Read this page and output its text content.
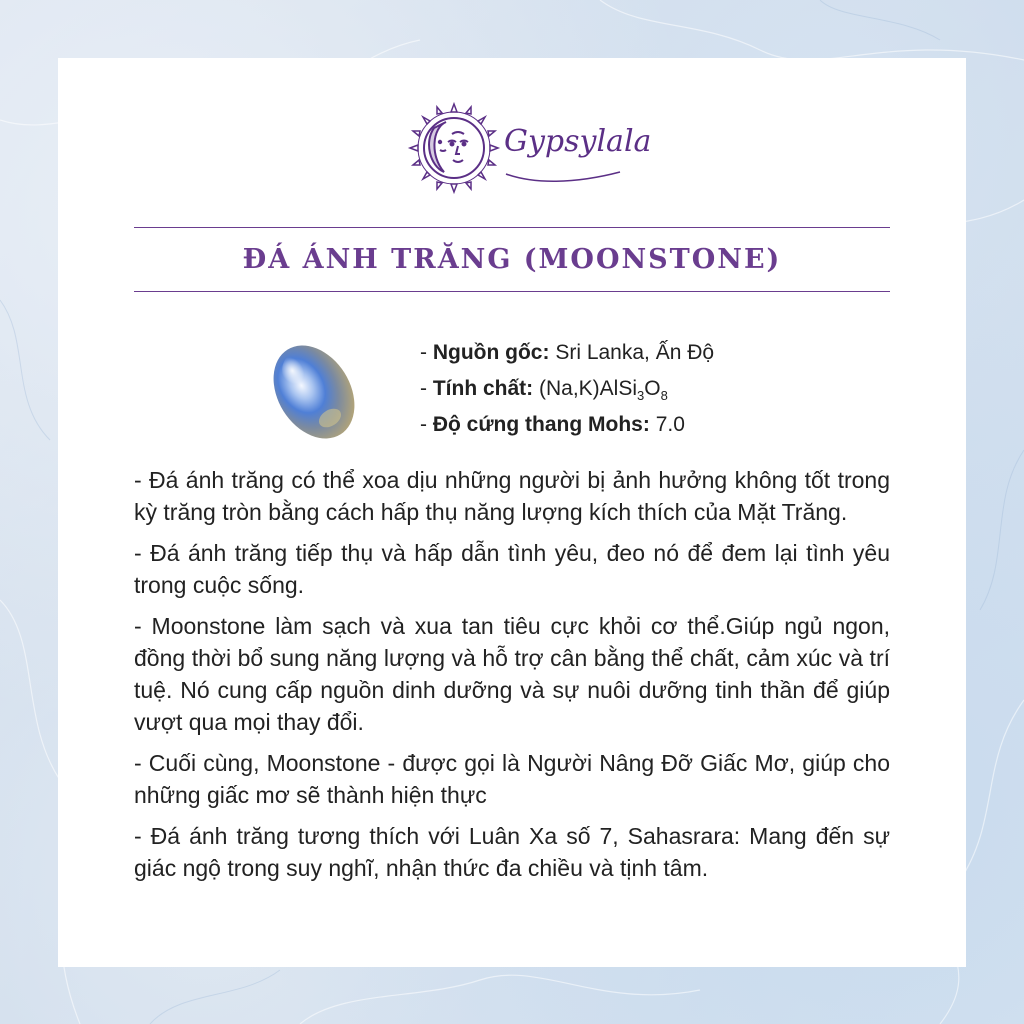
Gypsylala
ĐÁ ÁNH TRĂNG (MOONSTONE)
- Nguồn gốc: Sri Lanka, Ấn Độ
- Tính chất: $(Na,K)AlSi_3O_8$
- Độ cứng thang Mohs: 7.0

- Đá ánh trăng có thể xoa dịu những người bị ảnh hưởng không tốt trong kỳ trăng tròn bằng cách hấp thụ năng lượng kích thích của Mặt Trăng.

- Đá ánh trăng tiếp thụ và hấp dẫn tình yêu, đeo nó để đem lại tình yêu trong cuộc sống.

- Moonstone làm sạch và xua tan tiêu cực khỏi cơ thể.Giúp ngủ ngon, đồng thời bổ sung năng lượng và hỗ trợ cân bằng thể chất, cảm xúc và trí tuệ. Nó cung cấp nguồn dinh dưỡng và sự nuôi dưỡng tinh thần để giúp vượt qua mọi thay đổi.

- Cuối cùng, Moonstone - được gọi là Người Nâng Đỡ Giấc Mơ, giúp cho những giấc mơ sẽ thành hiện thực

- Đá ánh trăng tương thích với Luân Xa số 7, Sahasrara: Mang đến sự giác ngộ trong suy nghĩ, nhận thức đa chiều và tịnh tâm.
